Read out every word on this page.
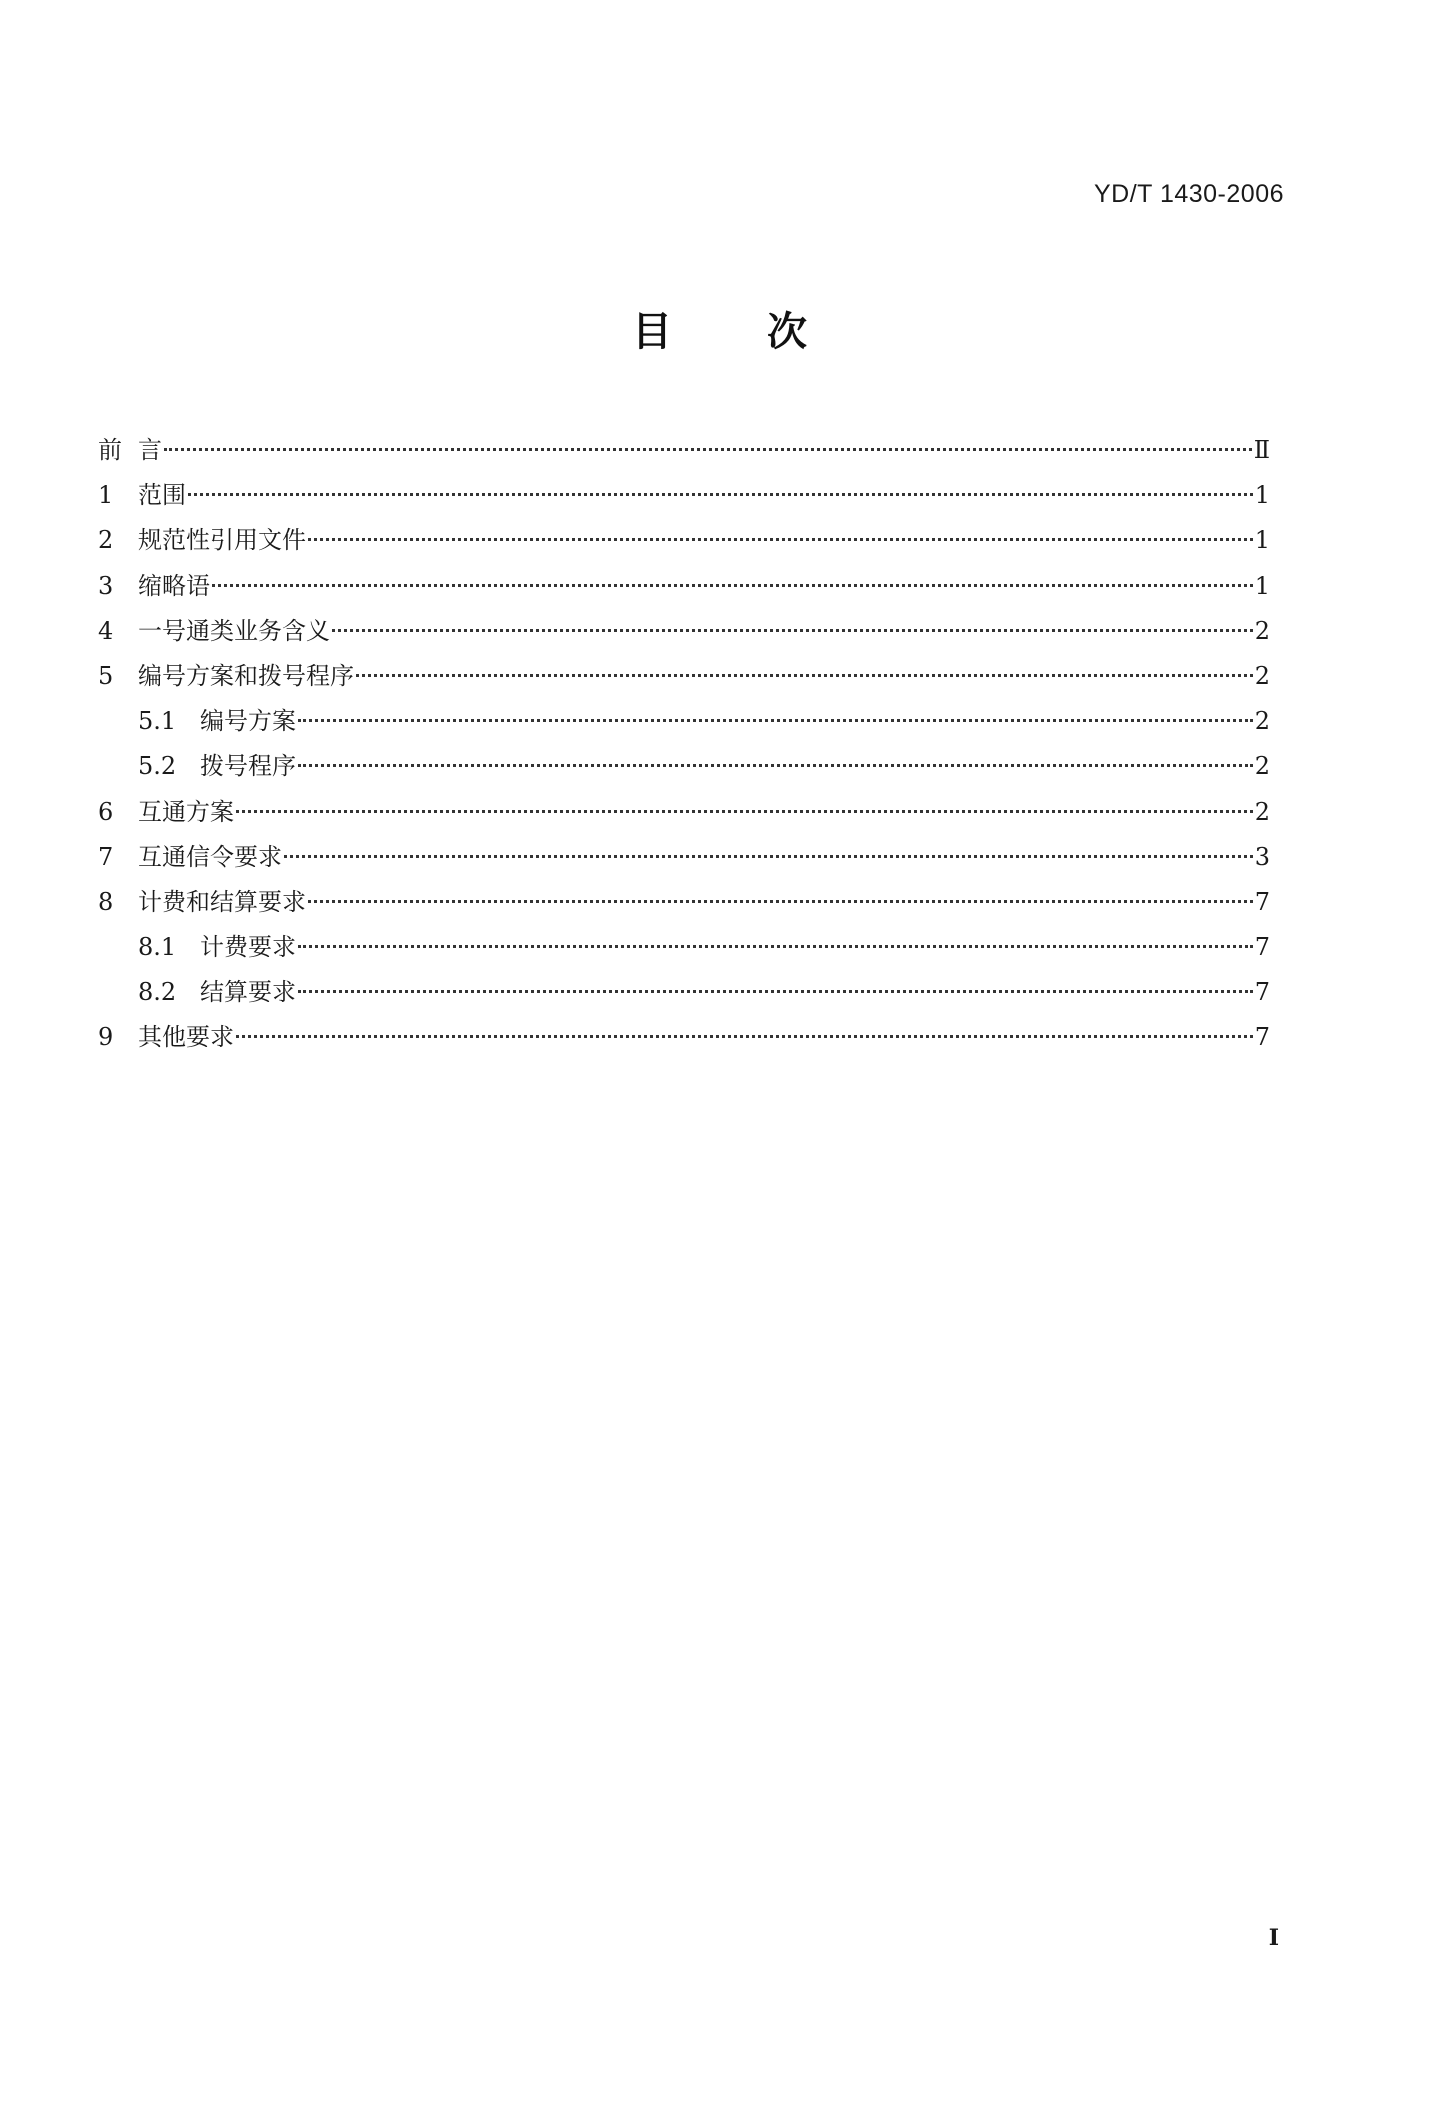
YD/T 1430-2006
目 次
前 言	Ⅱ
1	范围	1
2	规范性引用文件	1
3	缩略语	1
4	一号通类业务含义	2
5	编号方案和拨号程序	2
5.1 编号方案	2
5.2 拨号程序	2
6	互通方案	2
7	互通信令要求	3
8	计费和结算要求	7
8.1 计费要求	7
8.2 结算要求	7
9	其他要求	7
I
